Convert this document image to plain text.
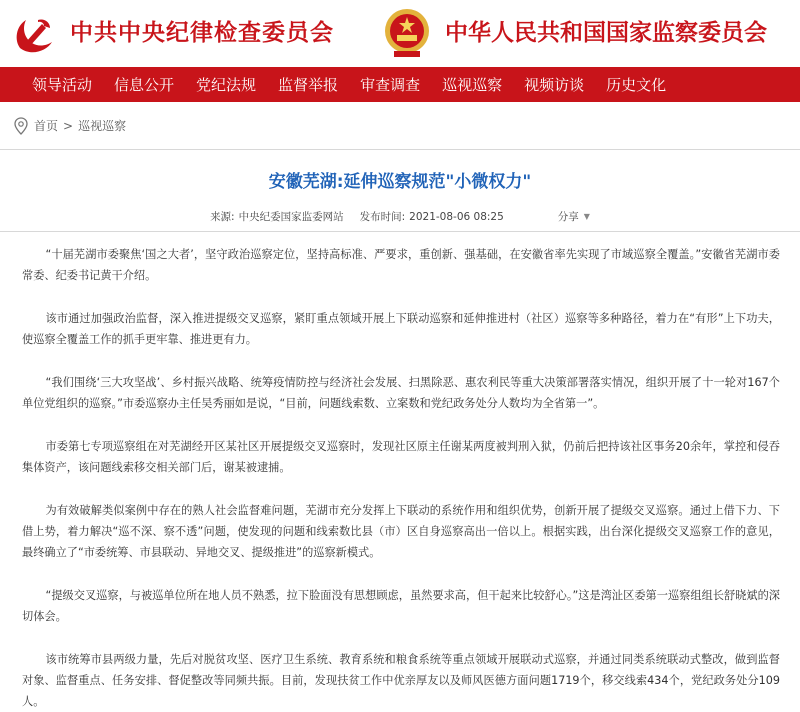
中共中央纪律检查委员会	中华人民共和国国家监察委员会
领导活动 信息公开 党纪法规 监督举报 审查调查 巡视巡察 视频访谈 历史文化
首页 > 巡视巡察
安徽芜湖:延伸巡察规范"小微权力"
来源: 中央纪委国家监委网站 发布时间: 2021-08-06 08:25	分享 ▼

“十届芜湖市委聚焦‘国之大者’，坚守政治巡察定位，坚持高标准、严要求，重创新、强基础，在安徽省率先实现了市域巡察全覆盖。”安徽省芜湖市委常委、纪委书记黄干介绍。

该市通过加强政治监督，深入推进提级交叉巡察，紧盯重点领域开展上下联动巡察和延伸推进村（社区）巡察等多种路径，着力在“有形”上下功夫，使巡察全覆盖工作的抓手更牢靠、推进更有力。

“我们围绕‘三大攻坚战’、乡村振兴战略、统筹疫情防控与经济社会发展、扫黑除恶、惠农利民等重大决策部署落实情况，组织开展了十一轮对167个单位党组织的巡察。”市委巡察办主任吴秀丽如是说，“目前，问题线索数、立案数和党纪政务处分人数均为全省第一”。

市委第七专项巡察组在对芜湖经开区某社区开展提级交叉巡察时，发现社区原主任谢某两度被判刑入狱，仍前后把持该社区事务20余年，掌控和侵吞集体资产，该问题线索移交相关部门后，谢某被逮捕。

为有效破解类似案例中存在的熟人社会监督难问题，芜湖市充分发挥上下联动的系统作用和组织优势，创新开展了提级交叉巡察。通过上借下力、下借上势，着力解决“巡不深、察不透”问题，使发现的问题和线索数比县（市）区自身巡察高出一倍以上。根据实践，出台深化提级交叉巡察工作的意见，最终确立了“市委统筹、市县联动、异地交叉、提级推进”的巡察新模式。

“提级交叉巡察，与被巡单位所在地人员不熟悉，拉下脸面没有思想顾虑，虽然要求高，但干起来比较舒心。”这是湾沚区委第一巡察组组长舒晓斌的深切体会。

该市统筹市县两级力量，先后对脱贫攻坚、医疗卫生系统、教育系统和粮食系统等重点领域开展联动式巡察，并通过同类系统联动式整改，做到监督对象、监督重点、任务安排、督促整改等同频共振。目前，发现扶贫工作中优亲厚友以及师风医德方面问题1719个，移交线索434个，党纪政务处分109人。
